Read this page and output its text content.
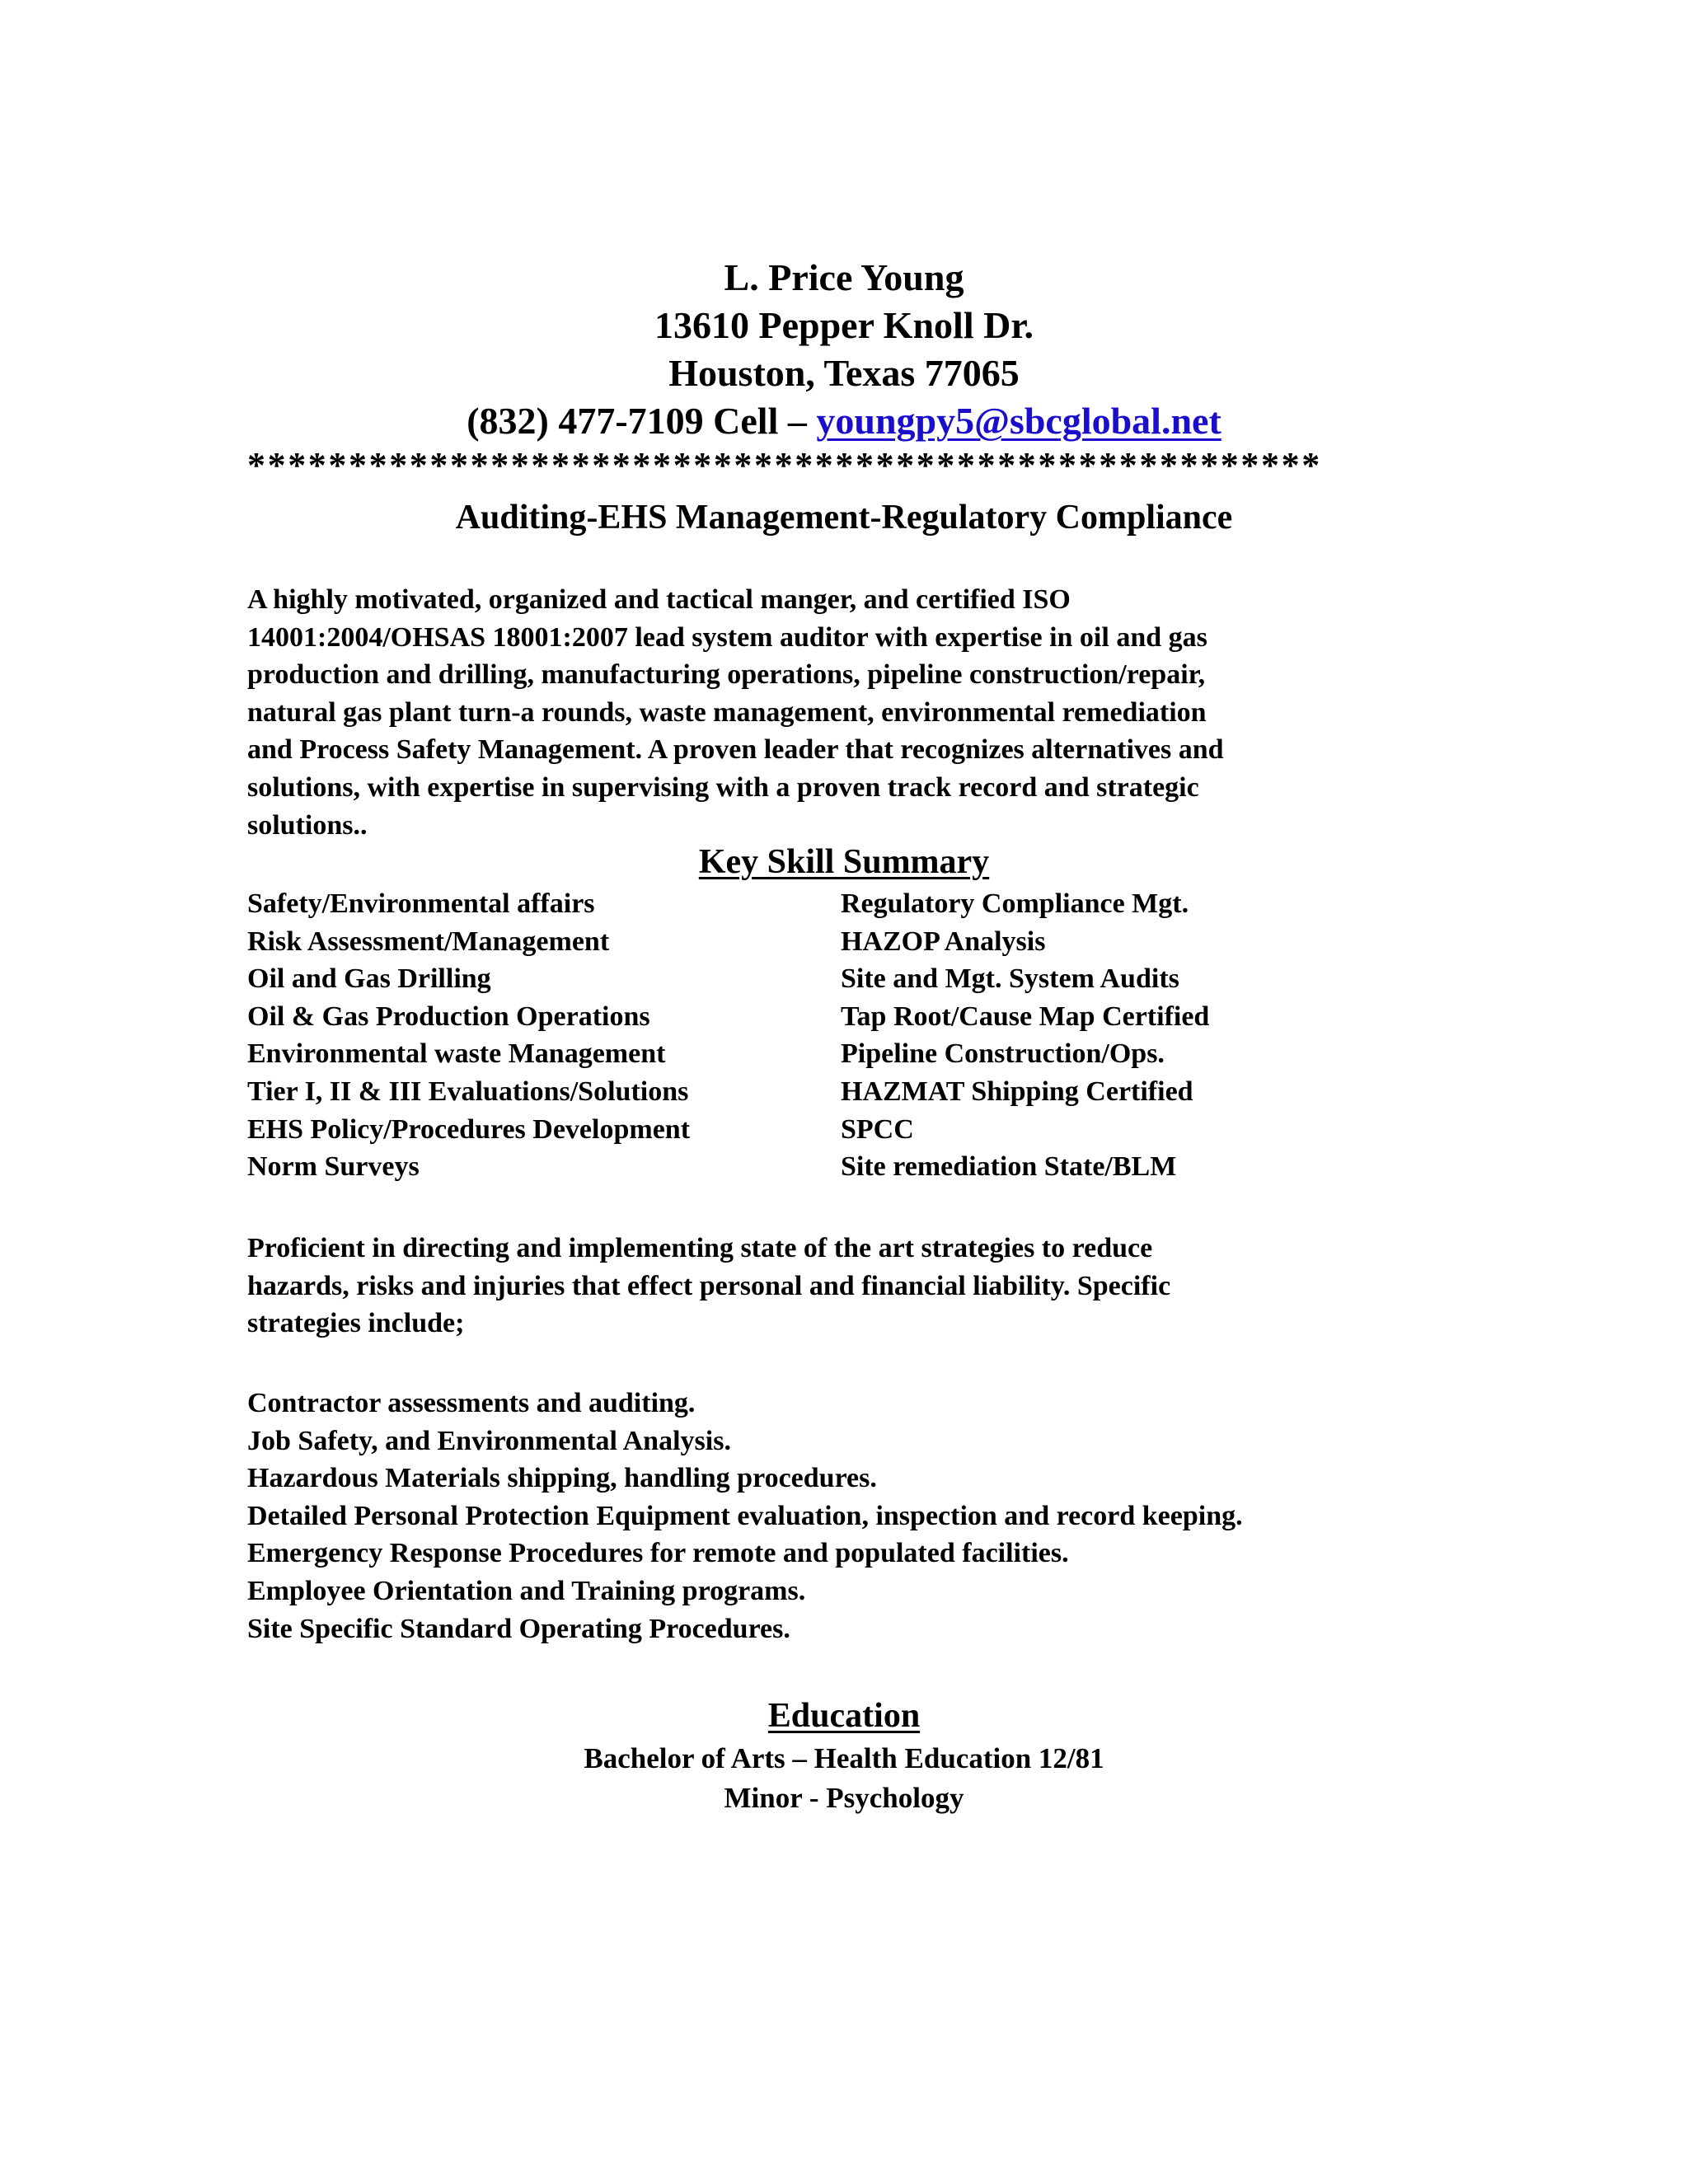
L. Price Young
13610 Pepper Knoll Dr.
Houston, Texas 77065
(832) 477-7109 Cell – youngpy5@sbcglobal.net
*****************************************************
Auditing-EHS Management-Regulatory Compliance
A highly motivated, organized and tactical manger, and certified ISO
14001:2004/OHSAS 18001:2007 lead system auditor with expertise in oil and gas
production and drilling, manufacturing operations, pipeline construction/repair,
natural gas plant turn-a rounds, waste management, environmental remediation
and Process Safety Management. A proven leader that recognizes alternatives and
solutions, with expertise in supervising with a proven track record and strategic
solutions..
Key Skill Summary
Safety/Environmental affairs	Regulatory Compliance Mgt.
Risk Assessment/Management	HAZOP Analysis
Oil and Gas Drilling	Site and Mgt. System Audits
Oil & Gas Production Operations	Tap Root/Cause Map Certified
Environmental waste Management	Pipeline Construction/Ops.
Tier I, II & III Evaluations/Solutions	HAZMAT Shipping Certified
EHS Policy/Procedures Development	SPCC
Norm Surveys	Site remediation State/BLM
Proficient in directing and implementing state of the art strategies to reduce
hazards, risks and injuries that effect personal and financial liability. Specific
strategies include;
Contractor assessments and auditing.
Job Safety, and Environmental Analysis.
Hazardous Materials shipping, handling procedures.
Detailed Personal Protection Equipment evaluation, inspection and record keeping.
Emergency Response Procedures for remote and populated facilities.
Employee Orientation and Training programs.
Site Specific Standard Operating Procedures.
Education
Bachelor of Arts – Health Education 12/81
Minor - Psychology
